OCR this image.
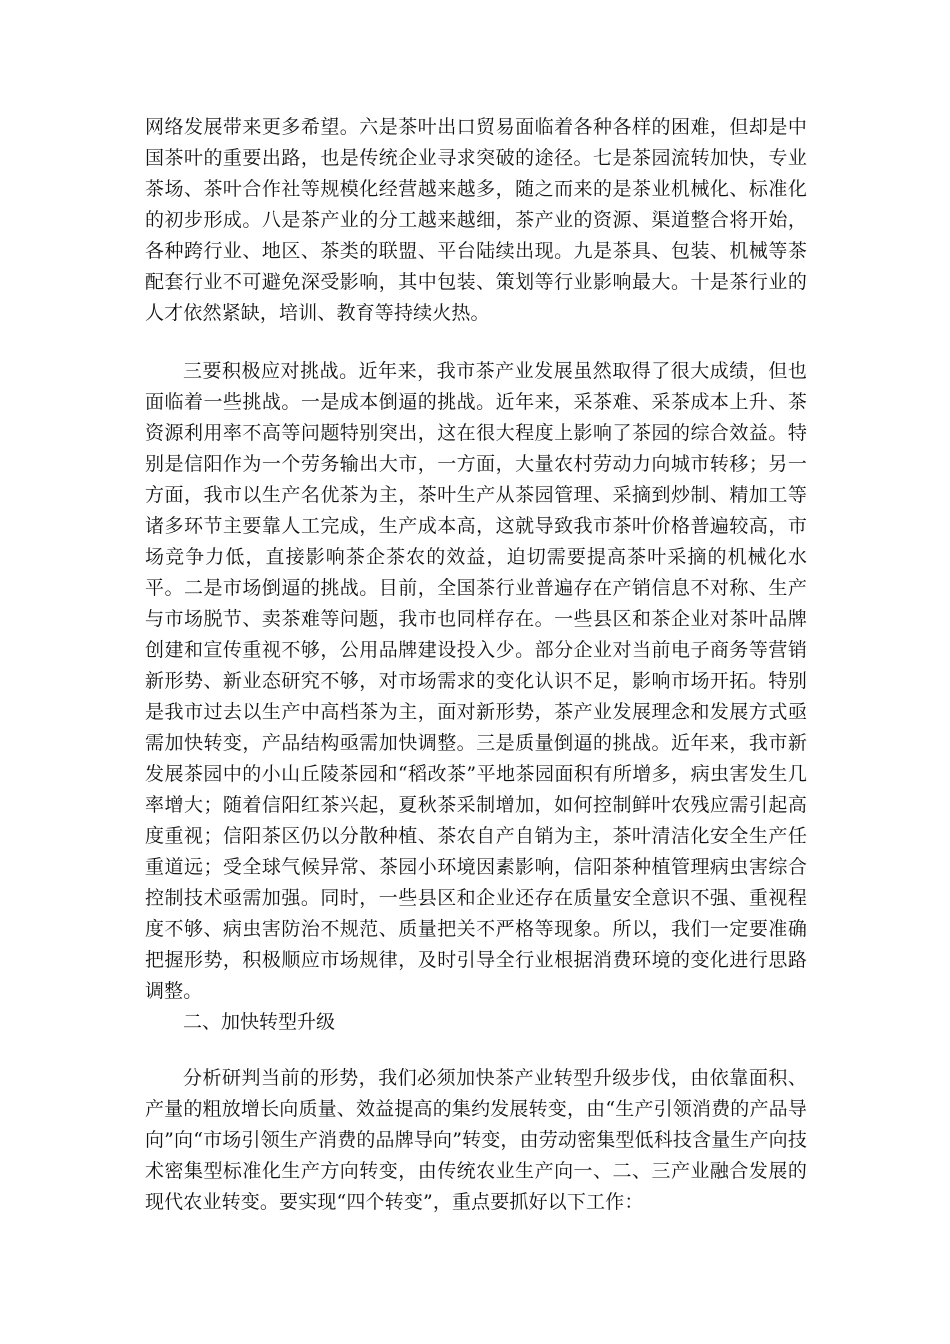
网络发展带来更多希望。六是茶叶出口贸易面临着各种各样的困难，但却是中国茶叶的重要出路，也是传统企业寻求突破的途径。七是茶园流转加快，专业茶场、茶叶合作社等规模化经营越来越多，随之而来的是茶业机械化、标准化的初步形成。八是茶产业的分工越来越细，茶产业的资源、渠道整合将开始，各种跨行业、地区、茶类的联盟、平台陆续出现。九是茶具、包装、机械等茶配套行业不可避免深受影响，其中包装、策划等行业影响最大。十是茶行业的人才依然紧缺，培训、教育等持续火热。

三要积极应对挑战。近年来，我市茶产业发展虽然取得了很大成绩，但也面临着一些挑战。一是成本倒逼的挑战。近年来，采茶难、采茶成本上升、茶资源利用率不高等问题特别突出，这在很大程度上影响了茶园的综合效益。特别是信阳作为一个劳务输出大市，一方面，大量农村劳动力向城市转移；另一方面，我市以生产名优茶为主，茶叶生产从茶园管理、采摘到炒制、精加工等诸多环节主要靠人工完成，生产成本高，这就导致我市茶叶价格普遍较高，市场竞争力低，直接影响茶企茶农的效益，迫切需要提高茶叶采摘的机械化水平。二是市场倒逼的挑战。目前，全国茶行业普遍存在产销信息不对称、生产与市场脱节、卖茶难等问题，我市也同样存在。一些县区和茶企业对茶叶品牌创建和宣传重视不够，公用品牌建设投入少。部分企业对当前电子商务等营销新形势、新业态研究不够，对市场需求的变化认识不足，影响市场开拓。特别是我市过去以生产中高档茶为主，面对新形势，茶产业发展理念和发展方式亟需加快转变，产品结构亟需加快调整。三是质量倒逼的挑战。近年来，我市新发展茶园中的小山丘陵茶园和“稻改茶”平地茶园面积有所增多，病虫害发生几率增大；随着信阳红茶兴起，夏秋茶采制增加，如何控制鲜叶农残应需引起高度重视；信阳茶区仍以分散种植、茶农自产自销为主，茶叶清洁化安全生产任重道远；受全球气候异常、茶园小环境因素影响，信阳茶种植管理病虫害综合控制技术亟需加强。同时，一些县区和企业还存在质量安全意识不强、重视程度不够、病虫害防治不规范、质量把关不严格等现象。所以，我们一定要准确把握形势，积极顺应市场规律，及时引导全行业根据消费环境的变化进行思路调整。

二、加快转型升级

分析研判当前的形势，我们必须加快茶产业转型升级步伐，由依靠面积、产量的粗放增长向质量、效益提高的集约发展转变，由“生产引领消费的产品导向”向“市场引领生产消费的品牌导向”转变，由劳动密集型低科技含量生产向技术密集型标准化生产方向转变，由传统农业生产向一、二、三产业融合发展的现代农业转变。要实现“四个转变”，重点要抓好以下工作：
